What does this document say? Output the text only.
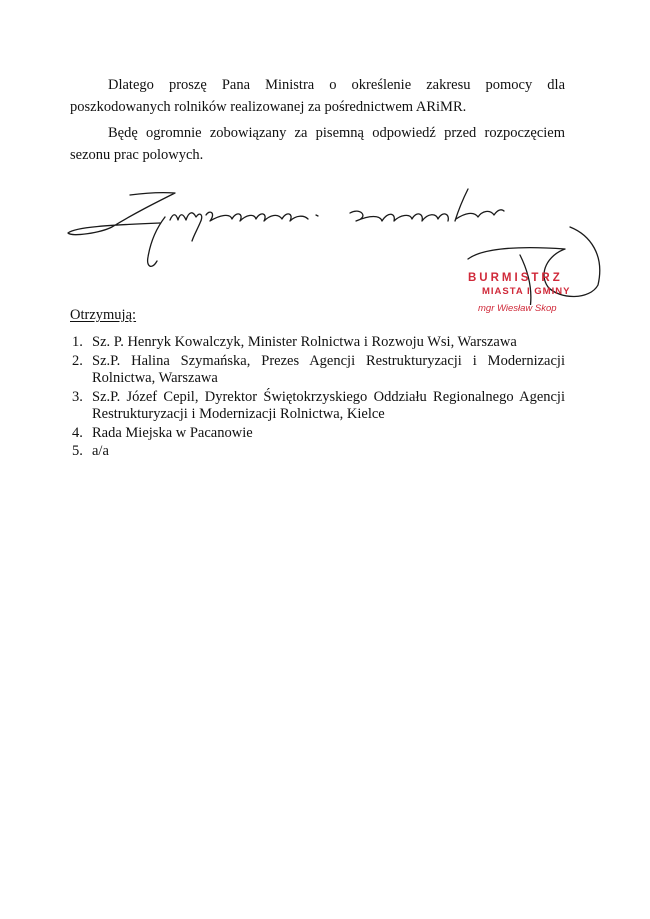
Dlatego proszę Pana Ministra o określenie zakresu pomocy dla
poszkodowanych rolników realizowanej za pośrednictwem ARiMR.

Będę ogromnie zobowiązany za pisemną odpowiedź przed rozpoczęciem
sezonu prac polowych.

BURMISTRZ
MIASTA I GMINY
mgr Wiesław Skop
Otrzymują:
1. Sz. P. Henryk Kowalczyk, Minister Rolnictwa i Rozwoju Wsi, Warszawa
2. Sz.P. Halina Szymańska, Prezes Agencji Restrukturyzacji i Modernizacji Rolnictwa, Warszawa
3. Sz.P. Józef Cepil, Dyrektor Świętokrzyskiego Oddziału Regionalnego Agencji Restrukturyzacji i Modernizacji Rolnictwa, Kielce
4. Rada Miejska w Pacanowie
5. a/a
